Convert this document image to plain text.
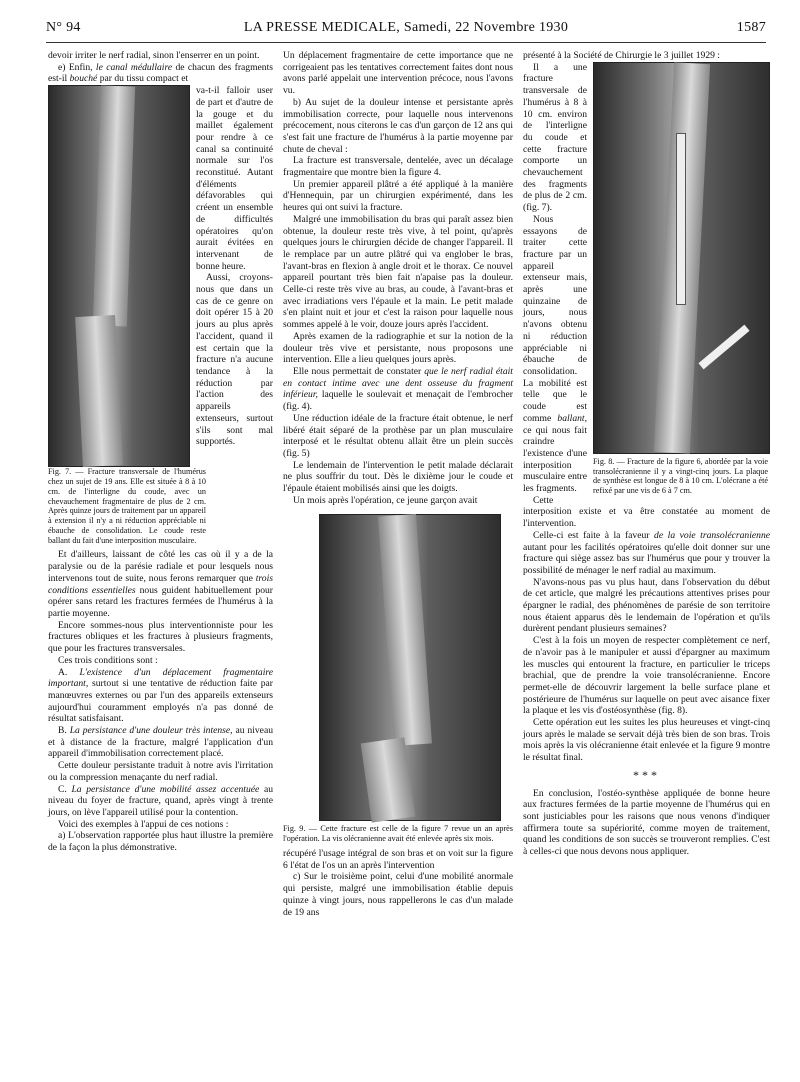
N° 94	LA PRESSE MEDICALE, Samedi, 22 Novembre 1930	1587

devoir irriter le nerf radial, sinon l'enserrer en un point.

e) Enfin, le canal médullaire de chacun des fragments est-il bouché par du tissu compact et

va-t-il falloir user de part et d'autre de la gouge et du maillet également pour rendre à ce canal sa continuité normale sur l'os reconstitué. Autant d'éléments défavorables qui créent un ensemble de difficultés opératoires qu'on aurait évitées en intervenant de bonne heure.

Aussi, croyons-nous que dans un cas de ce genre on doit opérer 15 à 20 jours au plus après l'accident, quand il est certain que la fracture n'a aucune tendance à la réduction par l'action des appareils extenseurs, surtout s'ils sont mal supportés.

Fig. 7. — Fracture transversale de l'humérus chez un sujet de 19 ans. Elle est située à 8 à 10 cm. de l'interligne du coude, avec un chevauchement fragmentaire de plus de 2 cm. Après quinze jours de traitement par un appareil à extension il n'y a ni réduction appréciable ni ébauche de consolidation. Le coude reste ballant du fait d'une interposition musculaire.

Et d'ailleurs, laissant de côté les cas où il y a de la paralysie ou de la parésie radiale et pour lesquels nous intervenons tout de suite, nous ferons remarquer que trois conditions essentielles nous guident habituellement pour opérer sans retard les fractures fermées de l'humérus à la partie moyenne.

Encore sommes-nous plus interventionniste pour les fractures obliques et les fractures à plusieurs fragments, que pour les fractures transversales.

Ces trois conditions sont :

A. L'existence d'un déplacement fragmentaire important, surtout si une tentative de réduction faite par manœuvres externes ou par l'un des appareils extenseurs aujourd'hui couramment employés n'a pas donné de résultat satisfaisant.

B. La persistance d'une douleur très intense, au niveau et à distance de la fracture, malgré l'application d'un appareil d'immobilisation correctement placé.

Cette douleur persistante traduit à notre avis l'irritation ou la compression menaçante du nerf radial.

C. La persistance d'une mobilité assez accentuée au niveau du foyer de fracture, quand, après vingt à trente jours, on lève l'appareil utilisé pour la contention.

Voici des exemples à l'appui de ces notions :

a) L'observation rapportée plus haut illustre la première de la façon la plus démonstrative.

Un déplacement fragmentaire de cette importance que ne corrigeaient pas les tentatives correctement faites dont nous avons parlé appelait une intervention précoce, nous l'avons vu.

b) Au sujet de la douleur intense et persistante après immobilisation correcte, pour laquelle nous intervenons précocement, nous citerons le cas d'un garçon de 12 ans qui s'est fait une fracture de l'humérus à la partie moyenne par chute de cheval :

La fracture est transversale, dentelée, avec un décalage fragmentaire que montre bien la figure 4.

Un premier appareil plâtré a été appliqué à la manière d'Hennequin, par un chirurgien expérimenté, dans les heures qui ont suivi la fracture.

Malgré une immobilisation du bras qui paraît assez bien obtenue, la douleur reste très vive, à tel point, qu'après quelques jours le chirurgien décide de changer l'appareil. Il le remplace par un autre plâtré qui va englober le bras, l'avant-bras en flexion à angle droit et le thorax. Ce nouvel appareil pourtant très bien fait n'apaise pas la douleur. Celle-ci reste très vive au bras, au coude, à l'avant-bras et avec irradiations vers l'épaule et la main. Le petit malade s'en plaint nuit et jour et c'est la raison pour laquelle nous sommes appelé à le voir, douze jours après l'accident.

Après examen de la radiographie et sur la notion de la douleur très vive et persistante, nous proposons une intervention. Elle a lieu quelques jours après.

Elle nous permettait de constater que le nerf radial était en contact intime avec une dent osseuse du fragment inférieur, laquelle le soulevait et menaçait de l'embrocher (fig. 4).

Une réduction idéale de la fracture était obtenue, le nerf libéré était séparé de la prothèse par un plan musculaire interposé et le résultat obtenu allait être un plein succès (fig. 5)

Le lendemain de l'intervention le petit malade déclarait ne plus souffrir du tout. Dès le dixième jour le coude et l'épaule étaient mobilisés ainsi que les doigts.

Un mois après l'opération, ce jeune garçon avait

Fig. 9. — Cette fracture est celle de la figure 7 revue un an après l'opération. La vis olécranienne avait été enlevée après six mois.

récupéré l'usage intégral de son bras et on voit sur la figure 6 l'état de l'os un an après l'intervention

c) Sur le troisième point, celui d'une mobilité anormale qui persiste, malgré une immobilisation établie depuis quinze à vingt jours, nous rappellerons le cas d'un malade de 19 ans

présenté à la Société de Chirurgie le 3 juillet 1929 :

Fig. 8. — Fracture de la figure 6, abordée par la voie transolécranienne il y a vingt-cinq jours. La plaque de synthèse est longue de 8 à 10 cm. L'olécrane a été refixé par une vis de 6 à 7 cm.

Il a une fracture transversale de l'humérus à 8 à 10 cm. environ de l'interligne du coude et cette fracture comporte un chevauchement des fragments de plus de 2 cm. (fig. 7).

Nous essayons de traiter cette fracture par un appareil extenseur mais, après une quinzaine de jours, nous n'avons obtenu ni réduction appréciable ni ébauche de consolidation. La mobilité est telle que le coude est comme ballant, ce qui nous fait craindre l'existence d'une interposition musculaire entre les fragments.

Cette interposition existe et va être constatée au moment de l'intervention.

Celle-ci est faite à la faveur de la voie transolécranienne autant pour les facilités opératoires qu'elle doit donner sur une fracture qui siège assez bas sur l'humérus que pour y trouver la possibilité de ménager le nerf radial au maximum.

N'avons-nous pas vu plus haut, dans l'observation du début de cet article, que malgré les précautions attentives prises pour épargner le radial, des phénomènes de parésie de son territoire nous étaient apparus dès le lendemain de l'opération et qu'ils durèrent pendant plusieurs semaines?

C'est à la fois un moyen de respecter complètement ce nerf, de n'avoir pas à le manipuler et aussi d'épargner au maximum les muscles qui entourent la fracture, en particulier le triceps brachial, que de prendre la voie transolécranienne. Encore permet-elle de découvrir largement la belle surface plane et postérieure de l'humérus sur laquelle on peut avec aisance fixer la plaque et les vis d'ostéosynthèse (fig. 8).

Cette opération eut les suites les plus heureuses et vingt-cinq jours après le malade se servait déjà très bien de son bras. Trois mois après la vis olécranienne était enlevée et la figure 9 montre le résultat final.

***

En conclusion, l'ostéo-synthèse appliquée de bonne heure aux fractures fermées de la partie moyenne de l'humérus qui en sont justiciables pour les raisons que nous venons d'indiquer affirmera toute sa supériorité, comme moyen de traitement, quand les conditions de son succès se trouveront remplies. C'est à celles-ci que nous devons nous appliquer.
